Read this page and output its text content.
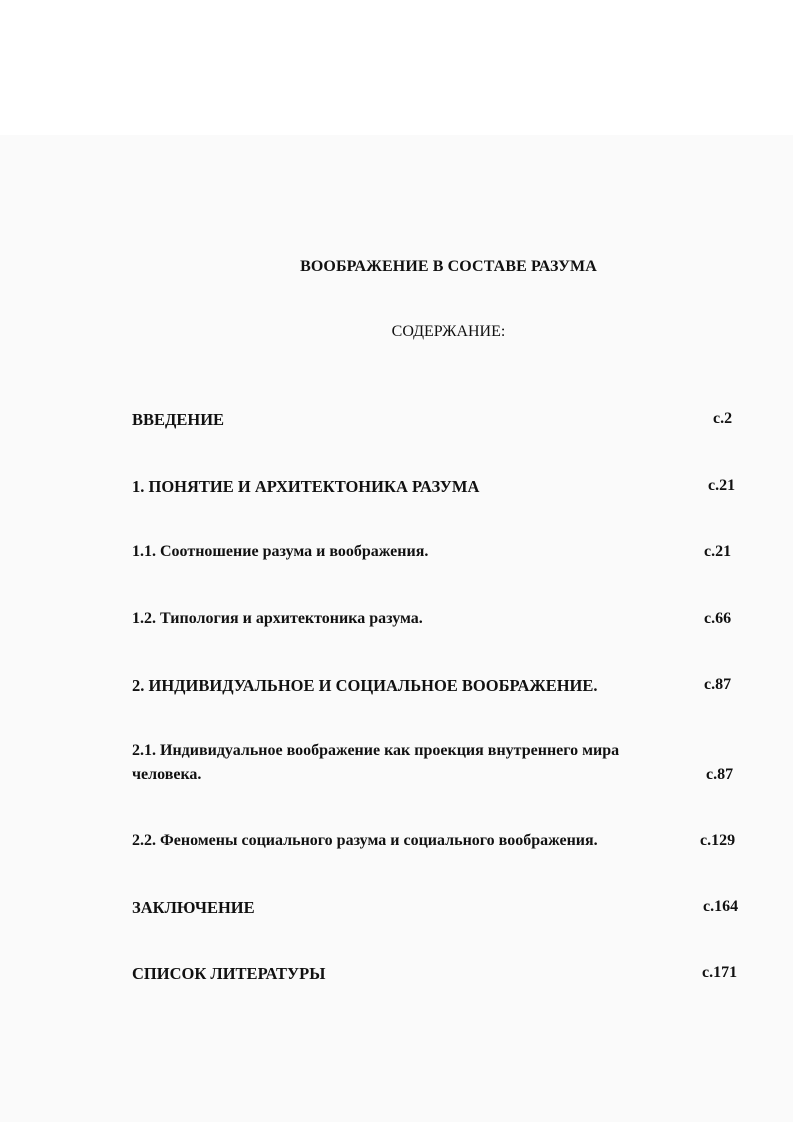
ВООБРАЖЕНИЕ В СОСТАВЕ РАЗУМА
СОДЕРЖАНИЕ:
ВВЕДЕНИЕ	с.2
1. ПОНЯТИЕ И АРХИТЕКТОНИКА РАЗУМА	с.21
1.1. Соотношение разума и воображения.	с.21
1.2. Типология и архитектоника разума.	с.66
2. ИНДИВИДУАЛЬНОЕ И СОЦИАЛЬНОЕ ВООБРАЖЕНИЕ.	с.87
2.1. Индивидуальное воображение как проекция внутреннего мира
человека.	с.87
2.2. Феномены социального разума и социального воображения.	с.129
ЗАКЛЮЧЕНИЕ	с.164
СПИСОК ЛИТЕРАТУРЫ	с.171
